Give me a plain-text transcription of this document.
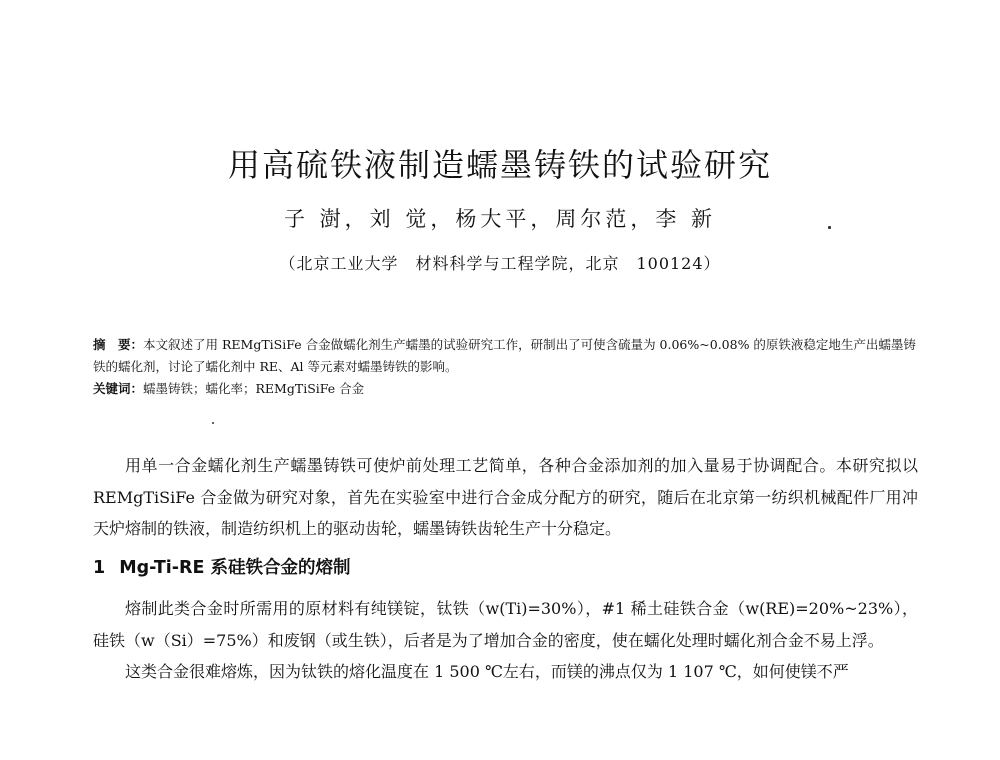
用高硫铁液制造蠕墨铸铁的试验研究
子 澍，刘 觉，杨大平，周尔范，李 新
（北京工业大学　材料科学与工程学院，北京　100124）
摘　要：本文叙述了用 REMgTiSiFe 合金做蠕化剂生产蠕墨的试验研究工作，研制出了可使含硫量为 0.06%~0.08% 的原铁液稳定地生产出蠕墨铸铁的蠕化剂，讨论了蠕化剂中 RE、Al 等元素对蠕墨铸铁的影响。
关键词：蠕墨铸铁；蠕化率；REMgTiSiFe 合金

用单一合金蠕化剂生产蠕墨铸铁可使炉前处理工艺简单，各种合金添加剂的加入量易于协调配合。本研究拟以 REMgTiSiFe 合金做为研究对象，首先在实验室中进行合金成分配方的研究，随后在北京第一纺织机械配件厂用冲天炉熔制的铁液，制造纺织机上的驱动齿轮，蠕墨铸铁齿轮生产十分稳定。

1 Mg-Ti-RE 系硅铁合金的熔制

熔制此类合金时所需用的原材料有纯镁锭，钛铁（w(Ti)=30%），#1 稀土硅铁合金（w(RE)=20%~23%），硅铁（w（Si）=75%）和废钢（或生铁），后者是为了增加合金的密度，使在蠕化处理时蠕化剂合金不易上浮。

这类合金很难熔炼，因为钛铁的熔化温度在 1 500 ℃左右，而镁的沸点仅为 1 107 ℃，如何使镁不严
